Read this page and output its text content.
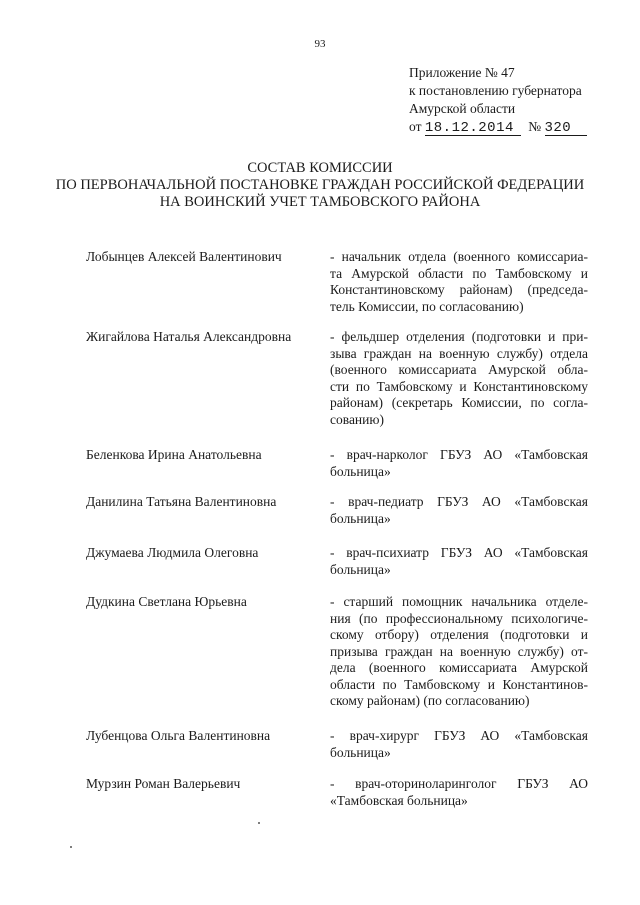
93
Приложение № 47
к постановлению губернатора
Амурской области
от 18.12.2014 № 320
СОСТАВ КОМИССИИ
ПО ПЕРВОНАЧАЛЬНОЙ ПОСТАНОВКЕ ГРАЖДАН РОССИЙСКОЙ ФЕДЕРАЦИИ
НА ВОИНСКИЙ УЧЕТ ТАМБОВСКОГО РАЙОНА
Лобынцев Алексей Валентинович	- начальник отдела (военного комиссариа-
та Амурской области по Тамбовскому и
Константиновскому районам) (председа-
тель Комиссии, по согласованию)
Жигайлова Наталья Александровна	- фельдшер отделения (подготовки и при-
зыва граждан на военную службу) отдела
(военного комиссариата Амурской обла-
сти по Тамбовскому и Константиновскому
районам) (секретарь Комиссии, по согла-
сованию)
Беленкова Ирина Анатольевна	- врач-нарколог ГБУЗ АО «Тамбовская
больница»
Данилина Татьяна Валентиновна	- врач-педиатр ГБУЗ АО «Тамбовская
больница»
Джумаева Людмила Олеговна	- врач-психиатр ГБУЗ АО «Тамбовская
больница»
Дудкина Светлана Юрьевна	- старший помощник начальника отделе-
ния (по профессиональному психологиче-
скому отбору) отделения (подготовки и
призыва граждан на военную службу) от-
дела (военного комиссариата Амурской
области по Тамбовскому и Константинов-
скому районам) (по согласованию)
Лубенцова Ольга Валентиновна	- врач-хирург ГБУЗ АО «Тамбовская
больница»
Мурзин Роман Валерьевич	- врач-оториноларинголог ГБУЗ АО
«Тамбовская больница»
